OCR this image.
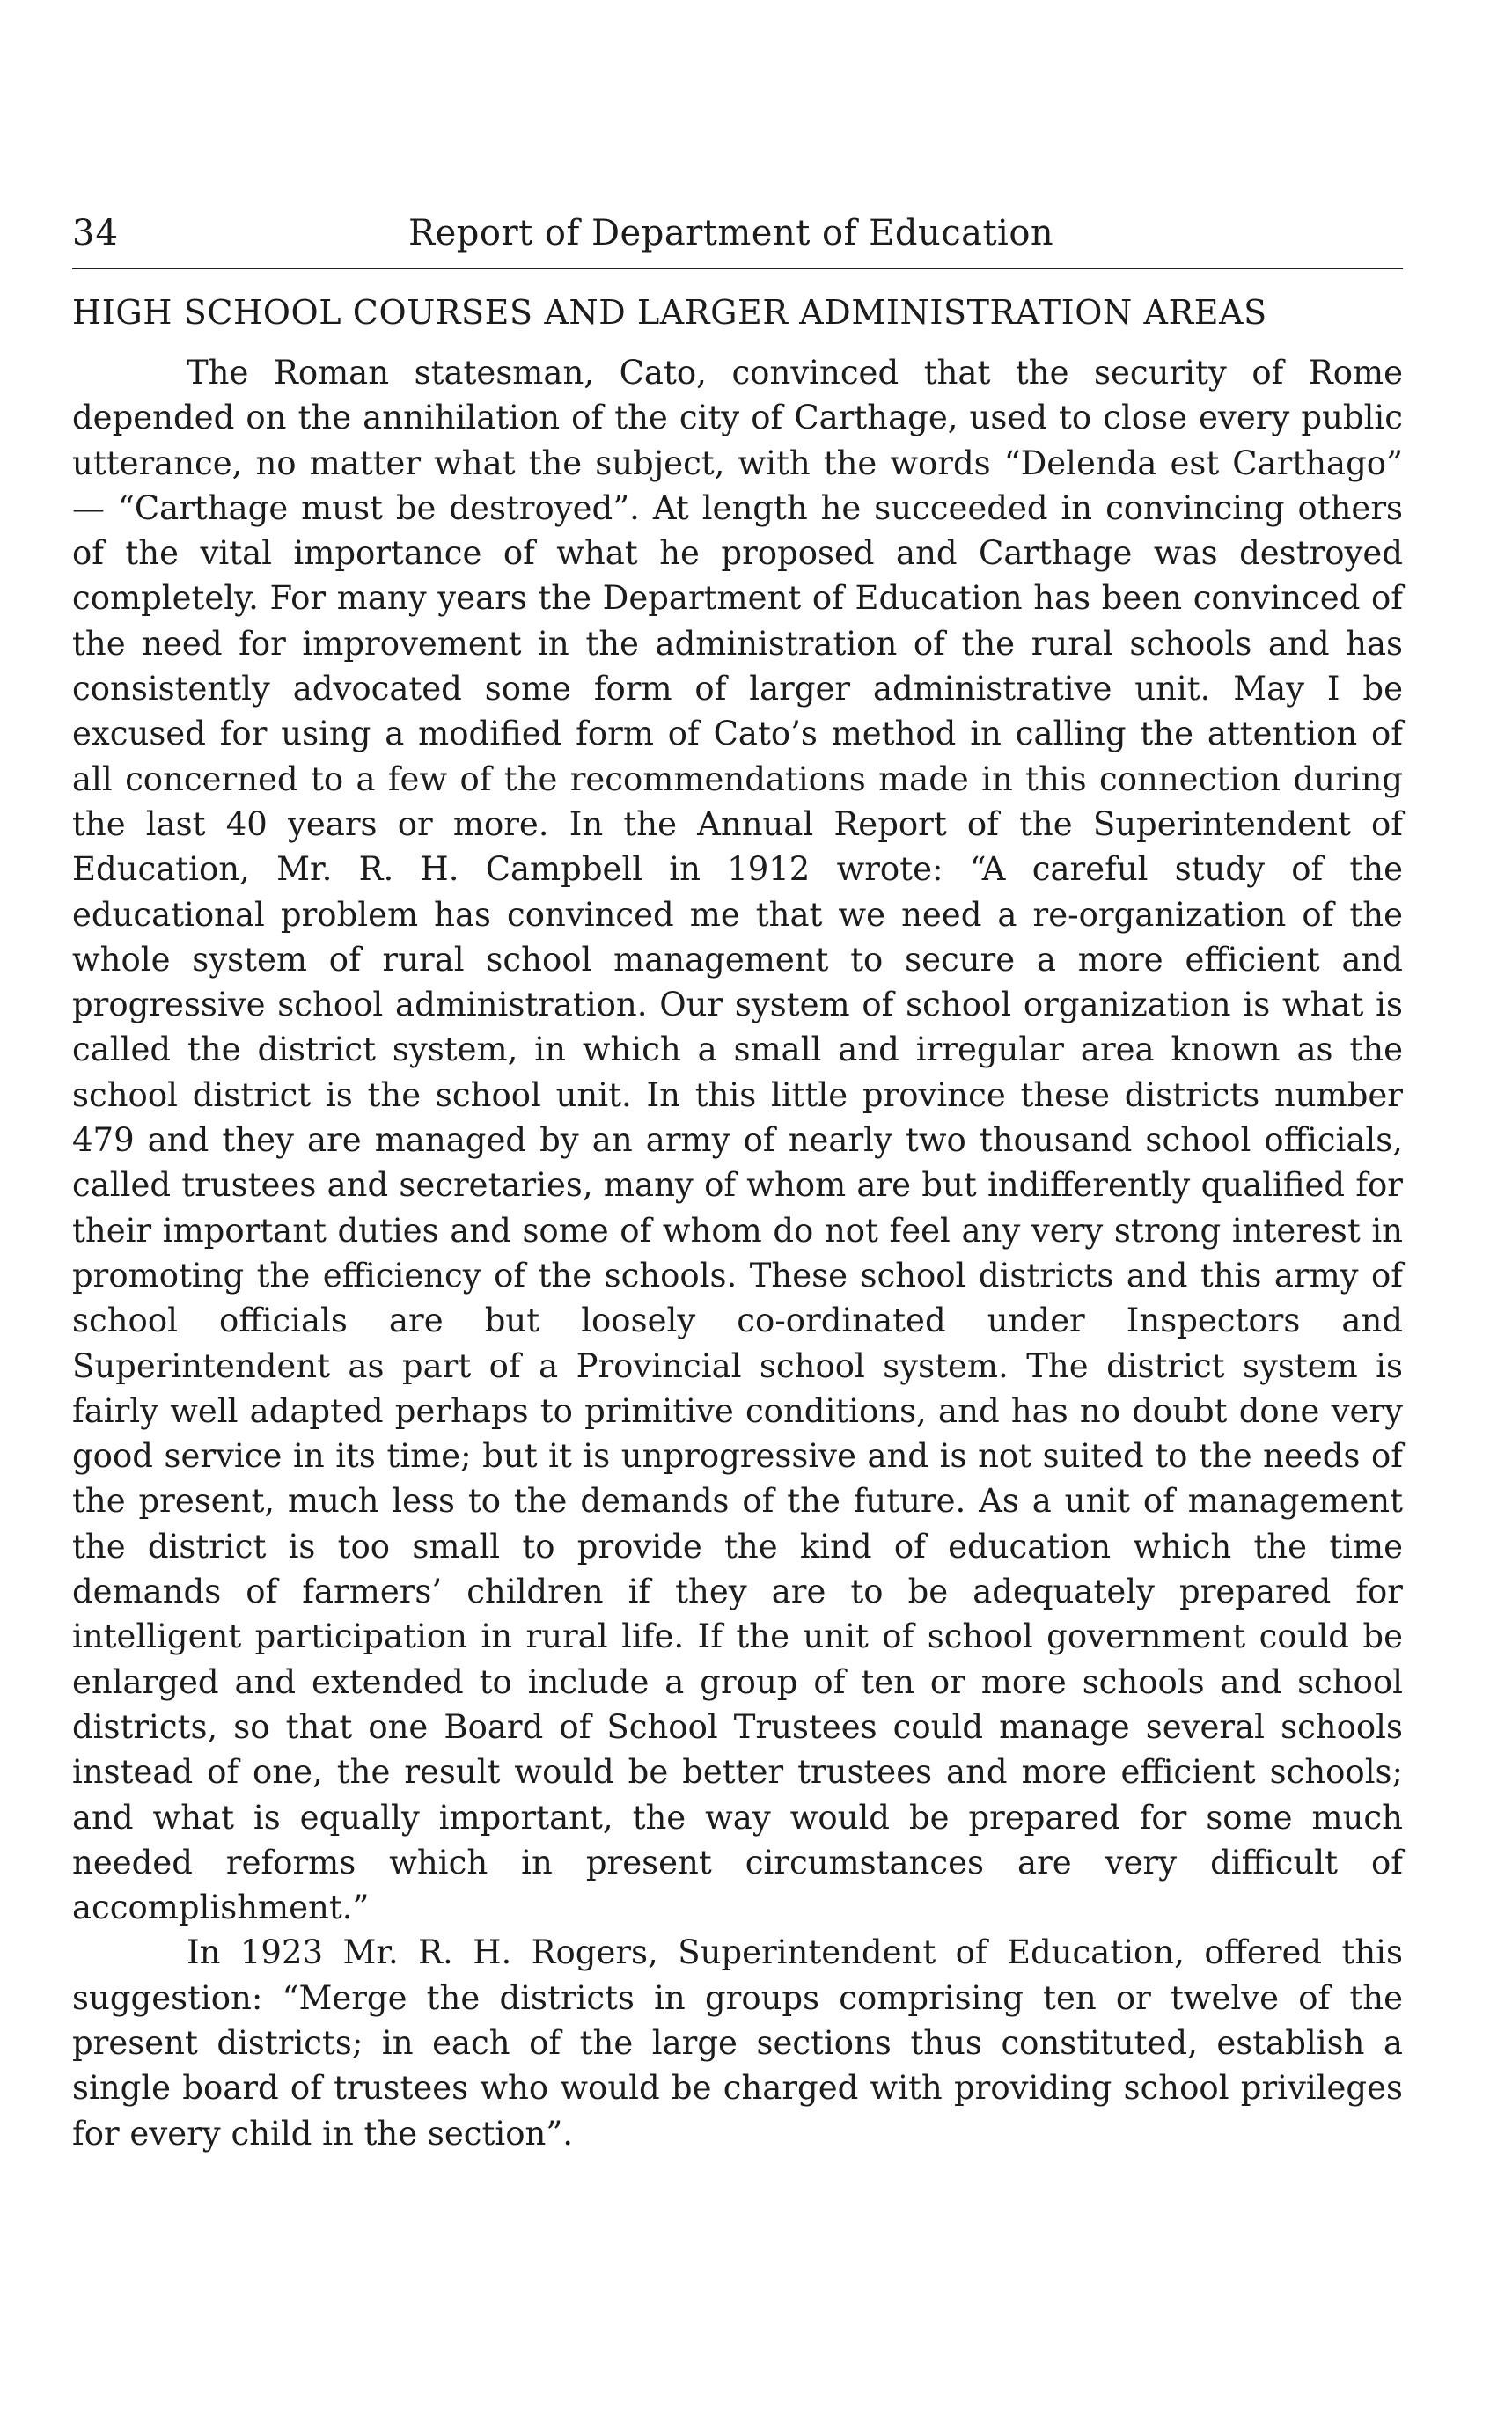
34	Report of Department of Education
HIGH SCHOOL COURSES AND LARGER ADMINISTRATION AREAS

The Roman statesman, Cato, convinced that the security of Rome depended on the annihilation of the city of Carthage, used to close every public utterance, no matter what the subject, with the words “Delenda est Carthago” — “Carthage must be destroyed”. At length he succeeded in convincing others of the vital importance of what he proposed and Carthage was destroyed completely. For many years the Department of Education has been convinced of the need for improvement in the administration of the rural schools and has consistently advocated some form of larger administrative unit. May I be excused for using a modified form of Cato’s method in calling the attention of all concerned to a few of the recommendations made in this connection during the last 40 years or more. In the Annual Report of the Superintendent of Education, Mr. R. H. Campbell in 1912 wrote: “A careful study of the educational problem has convinced me that we need a re-organization of the whole system of rural school management to secure a more efficient and progressive school administration. Our system of school organization is what is called the district system, in which a small and irregular area known as the school district is the school unit. In this little province these districts number 479 and they are managed by an army of nearly two thousand school officials, called trustees and secretaries, many of whom are but indifferently qualified for their important duties and some of whom do not feel any very strong interest in promoting the efficiency of the schools. These school districts and this army of school officials are but loosely co-ordinated under Inspectors and Superintendent as part of a Provincial school system. The district system is fairly well adapted perhaps to primitive conditions, and has no doubt done very good service in its time; but it is unprogressive and is not suited to the needs of the present, much less to the demands of the future. As a unit of management the district is too small to provide the kind of education which the time demands of farmers’ children if they are to be adequately prepared for intelligent participation in rural life. If the unit of school government could be enlarged and extended to include a group of ten or more schools and school districts, so that one Board of School Trustees could manage several schools instead of one, the result would be better trustees and more efficient schools; and what is equally important, the way would be prepared for some much needed reforms which in present circumstances are very difficult of accomplishment.”

In 1923 Mr. R. H. Rogers, Superintendent of Education, offered this suggestion: “Merge the districts in groups comprising ten or twelve of the present districts; in each of the large sections thus constituted, establish a single board of trustees who would be charged with providing school privileges for every child in the section”.
